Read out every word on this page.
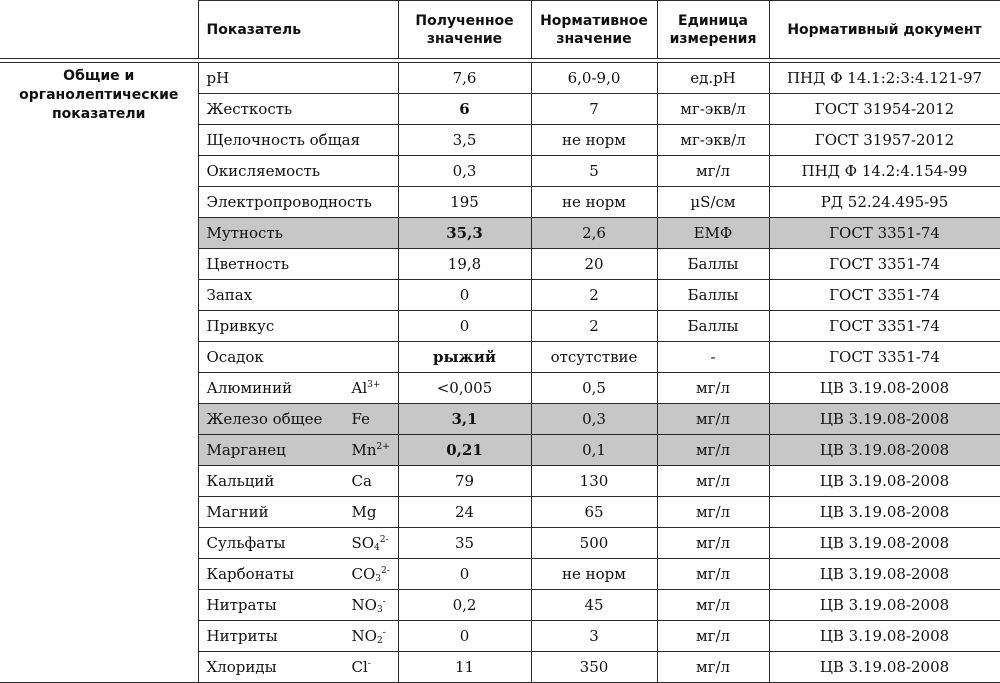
	Показатель	Полученное значение	Нормативное значение	Единица измерения	Нормативный документ

Общие и органолептические показатели	pH	7,6	6,0-9,0	ед.pH	ПНД Ф 14.1:2:3:4.121-97

	Жесткость	6	7	мг-экв/л	ГОСТ 31954-2012

	Щелочность общая	3,5	не норм	мг-экв/л	ГОСТ 31957-2012

	Окисляемость	0,3	5	мг/л	ПНД Ф 14.2:4.154-99

	Электропроводность	195	не норм	µS/cм	РД 52.24.495-95

	Мутность	35,3	2,6	ЕМФ	ГОСТ 3351-74

	Цветность	19,8	20	Баллы	ГОСТ 3351-74

	Запах	0	2	Баллы	ГОСТ 3351-74

	Привкус	0	2	Баллы	ГОСТ 3351-74

	Осадок	рыжий	отсутствие	-	ГОСТ 3351-74

	Алюминий $Al^{3+}$	<0,005	0,5	мг/л	ЦВ 3.19.08-2008

	Железо общее Fe	3,1	0,3	мг/л	ЦВ 3.19.08-2008

	Марганец $Mn^{2+}$	0,21	0,1	мг/л	ЦВ 3.19.08-2008

	Кальций Ca	79	130	мг/л	ЦВ 3.19.08-2008

	Магний Mg	24	65	мг/л	ЦВ 3.19.08-2008

	Сульфаты $SO_4^{2-}$	35	500	мг/л	ЦВ 3.19.08-2008

	Карбонаты $CO_3^{2-}$	0	не норм	мг/л	ЦВ 3.19.08-2008

	Нитраты $NO_3^-$	0,2	45	мг/л	ЦВ 3.19.08-2008

	Нитриты $NO_2^-$	0	3	мг/л	ЦВ 3.19.08-2008

	Хлориды Cl-	11	350	мг/л	ЦВ 3.19.08-2008
